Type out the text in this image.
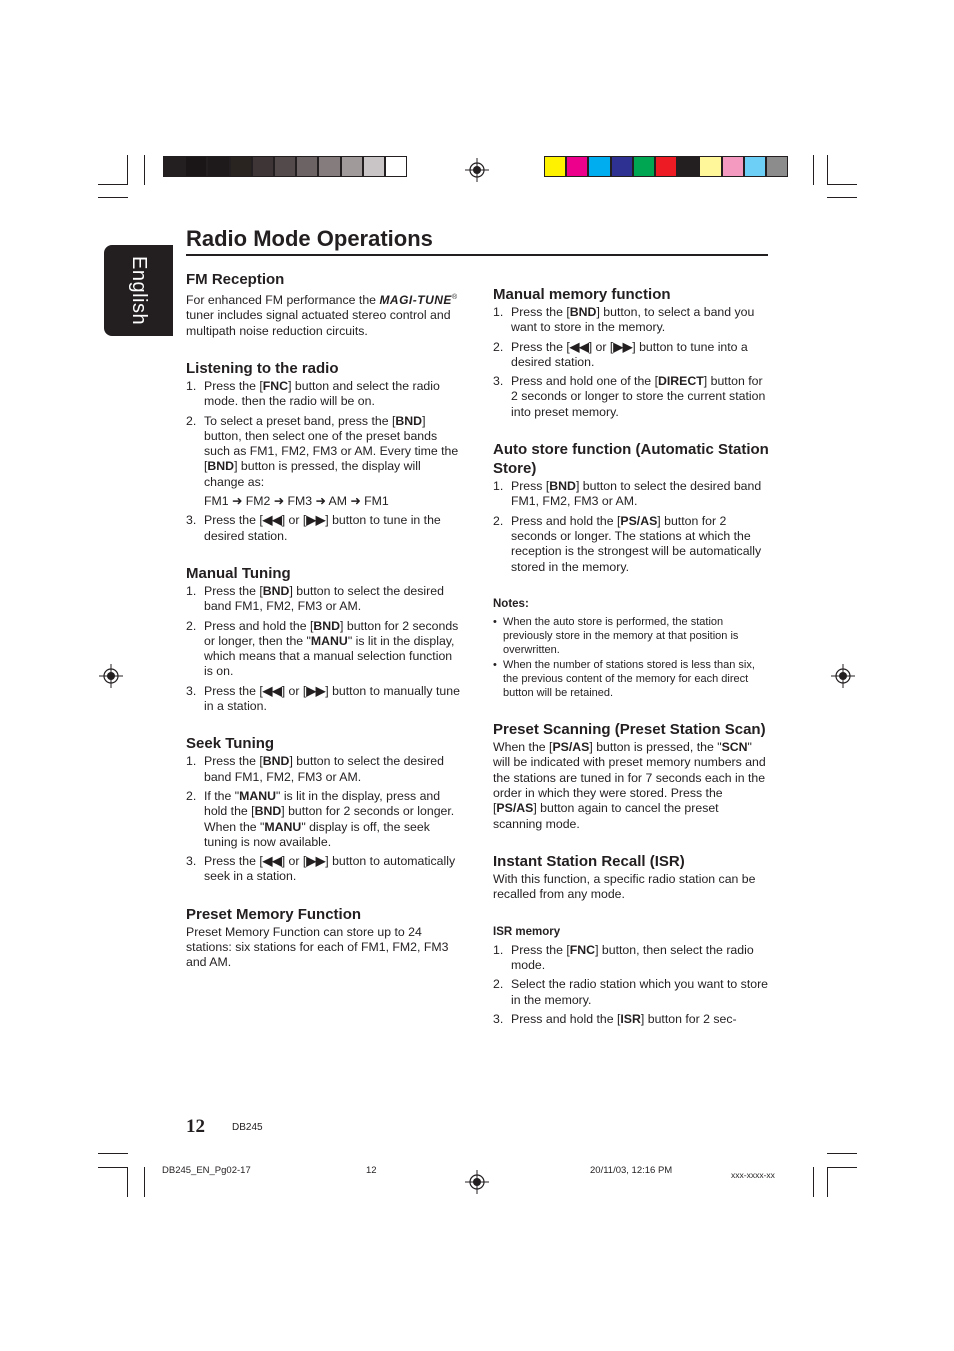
English
Radio Mode Operations
FM Reception

For enhanced FM performance the MAGI-TUNE® tuner includes signal actuated stereo control and multipath noise reduction circuits.

Listening to the radio
1. Press the [FNC] button and select the radio mode. then the radio will be on.
2. To select a preset band, press the [BND] button, then select one of the preset bands such as FM1, FM2, FM3 or AM. Every time the [BND] button is pressed, the display will change as:
FM1 ➜ FM2 ➜ FM3 ➜ AM ➜ FM1
3. Press the [◀◀] or [▶▶] button to tune in the desired station.
Manual Tuning
1. Press the [BND] button to select the desired band FM1, FM2, FM3 or AM.
2. Press and hold the [BND] button for 2 seconds or longer, then the "MANU" is lit in the display, which means that a manual selection function is on.
3. Press the [◀◀] or [▶▶] button to manually tune in a station.
Seek Tuning
1. Press the [BND] button to select the desired band FM1, FM2, FM3 or AM.
2. If the "MANU" is lit in the display, press and hold the [BND] button for 2 seconds or longer. When the "MANU" display is off, the seek tuning is now available.
3. Press the [◀◀] or [▶▶] button to automatically seek in a station.
Preset Memory Function

Preset Memory Function can store up to 24 stations: six stations for each of FM1, FM2, FM3 and AM.

Manual memory function
1. Press the [BND] button, to select a band you want to store in the memory.
2. Press the [◀◀] or [▶▶] button to tune into a desired station.
3. Press and hold one of the [DIRECT] button for 2 seconds or longer to store the current station into preset memory.
Auto store function (Automatic Station Store)
1. Press [BND] button to select the desired band FM1, FM2, FM3 or AM.
2. Press and hold the [PS/AS] button for 2 seconds or longer. The stations at which the reception is the strongest will be automatically stored in the memory.
Notes:
• When the auto store is performed, the station previously store in the memory at that position is overwritten.
• When the number of stations stored is less than six, the previous content of the memory for each direct button will be retained.
Preset Scanning (Preset Station Scan)

When the [PS/AS] button is pressed, the "SCN" will be indicated with preset memory numbers and the stations are tuned in for 7 seconds each in the order in which they were stored. Press the [PS/AS] button again to cancel the preset scanning mode.

Instant Station Recall (ISR)

With this function, a specific radio station can be recalled from any mode.

ISR memory
1. Press the [FNC] button, then select the radio mode.
2. Select the radio station which you want to store in the memory.
3. Press and hold the [ISR] button for 2 sec-
12	DB245
DB245_EN_Pg02-17	12	20/11/03, 12:16 PM	xxx-xxxx-xx
